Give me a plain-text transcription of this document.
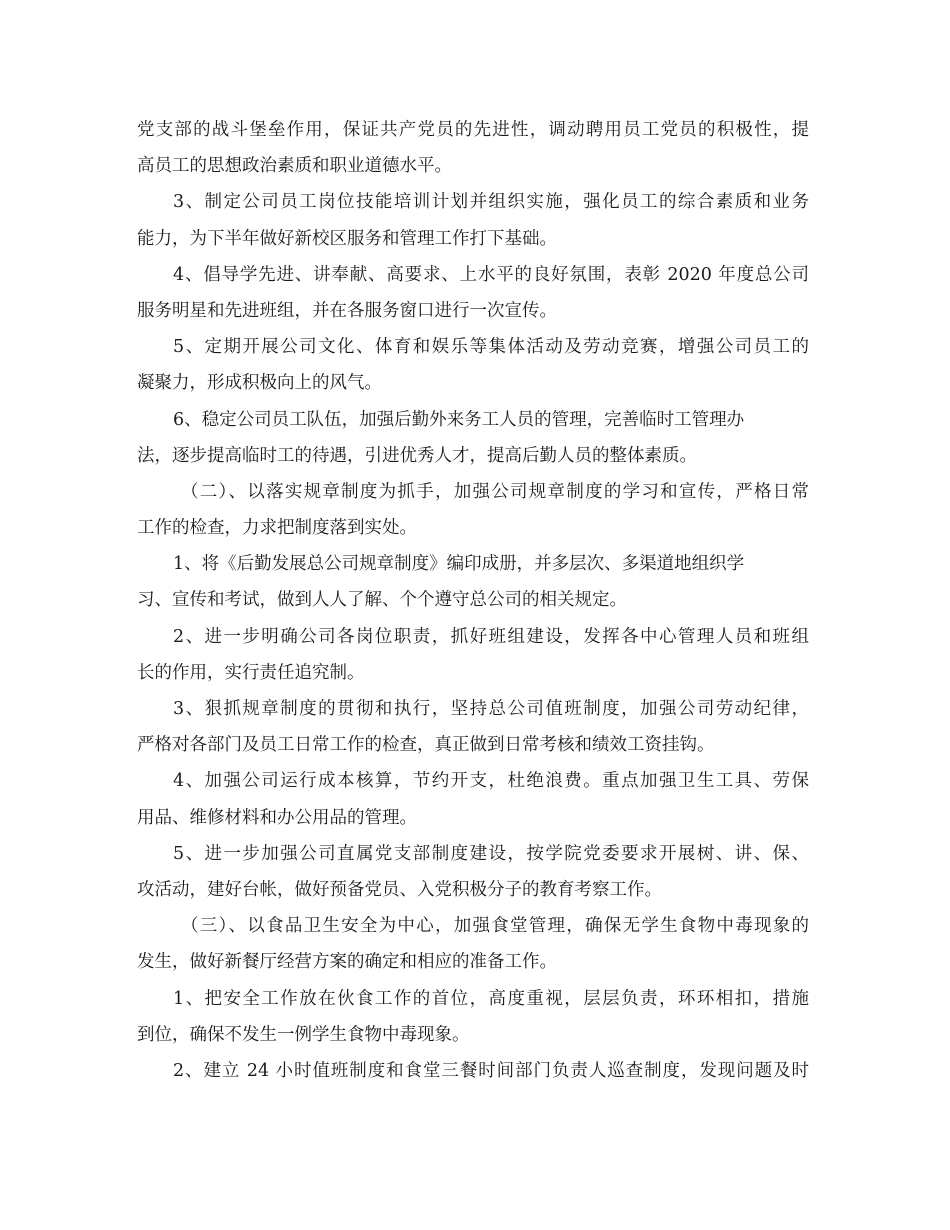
党支部的战斗堡垒作用，保证共产党员的先进性，调动聘用员工党员的积极性，提
高员工的思想政治素质和职业道德水平。
3、制定公司员工岗位技能培训计划并组织实施，强化员工的综合素质和业务
能力，为下半年做好新校区服务和管理工作打下基础。
4、倡导学先进、讲奉献、高要求、上水平的良好氛围，表彰 2020 年度总公司
服务明星和先进班组，并在各服务窗口进行一次宣传。
5、定期开展公司文化、体育和娱乐等集体活动及劳动竞赛，增强公司员工的
凝聚力，形成积极向上的风气。
6、稳定公司员工队伍，加强后勤外来务工人员的管理，完善临时工管理办
法，逐步提高临时工的待遇，引进优秀人才，提高后勤人员的整体素质。
（二）、以落实规章制度为抓手，加强公司规章制度的学习和宣传，严格日常
工作的检查，力求把制度落到实处。
1、将《后勤发展总公司规章制度》编印成册，并多层次、多渠道地组织学
习、宣传和考试，做到人人了解、个个遵守总公司的相关规定。
2、进一步明确公司各岗位职责，抓好班组建设，发挥各中心管理人员和班组
长的作用，实行责任追究制。
3、狠抓规章制度的贯彻和执行，坚持总公司值班制度，加强公司劳动纪律，
严格对各部门及员工日常工作的检查，真正做到日常考核和绩效工资挂钩。
4、加强公司运行成本核算，节约开支，杜绝浪费。重点加强卫生工具、劳保
用品、维修材料和办公用品的管理。
5、进一步加强公司直属党支部制度建设，按学院党委要求开展树、讲、保、
攻活动，建好台帐，做好预备党员、入党积极分子的教育考察工作。
（三）、以食品卫生安全为中心，加强食堂管理，确保无学生食物中毒现象的
发生，做好新餐厅经营方案的确定和相应的准备工作。
1、把安全工作放在伙食工作的首位，高度重视，层层负责，环环相扣，措施
到位，确保不发生一例学生食物中毒现象。
2、建立 24 小时值班制度和食堂三餐时间部门负责人巡查制度，发现问题及时
